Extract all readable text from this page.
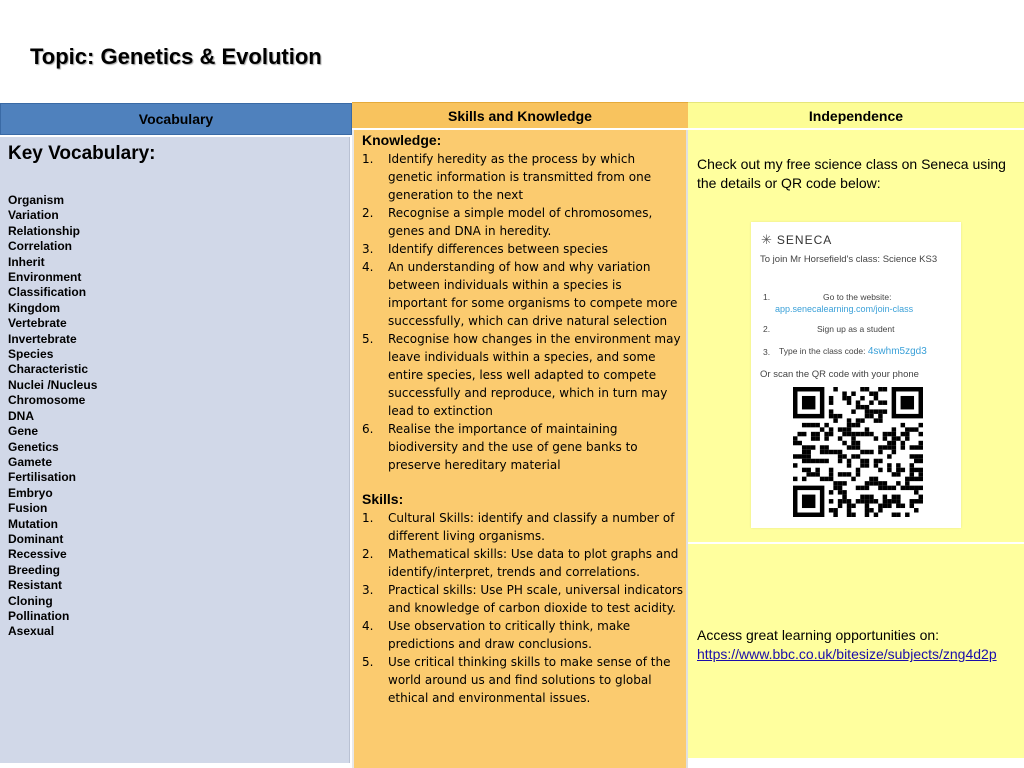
Topic: Genetics & Evolution
Vocabulary
Key Vocabulary:
Organism
Variation
Relationship
Correlation
Inherit
Environment
Classification
Kingdom
Vertebrate
Invertebrate
Species
Characteristic
Nuclei /Nucleus
Chromosome
DNA
Gene
Genetics
Gamete
Fertilisation
Embryo
Fusion
Mutation
Dominant
Recessive
Breeding
Resistant
Cloning
Pollination
Asexual
Skills and Knowledge
Knowledge:
1. Identify heredity as the process by which
genetic information is transmitted from one
generation to the next
2. Recognise a simple model of chromosomes,
genes and DNA in heredity.
3. Identify differences between species
4. An understanding of how and why variation
between individuals within a species is
important for some organisms to compete more
successfully, which can drive natural selection
5. Recognise how changes in the environment may
leave individuals within a species, and some
entire species, less well adapted to compete
successfully and reproduce, which in turn may
lead to extinction
6. Realise the importance of maintaining
biodiversity and the use of gene banks to
preserve hereditary material
Skills:
1. Cultural Skills: identify and classify a number of
different living organisms.
2. Mathematical skills: Use data to plot graphs and
identify/interpret, trends and correlations.
3. Practical skills: Use PH scale, universal indicators
and knowledge of carbon dioxide to test acidity.
4. Use observation to critically think, make
predictions and draw conclusions.
5. Use critical thinking skills to make sense of the
world around us and find solutions to global
ethical and environmental issues.
Independence
Check out my free science class on Seneca using the details or QR code below:
✳ SENECA
To join Mr Horsefield's class: Science KS3
1.	Go to the website:
app.senecalearning.com/join-class
2.	Sign up as a student
3. Type in the class code: 4swhm5zgd3
Or scan the QR code with your phone
Access great learning opportunities on:
https://www.bbc.co.uk/bitesize/subjects/zng4d2p
